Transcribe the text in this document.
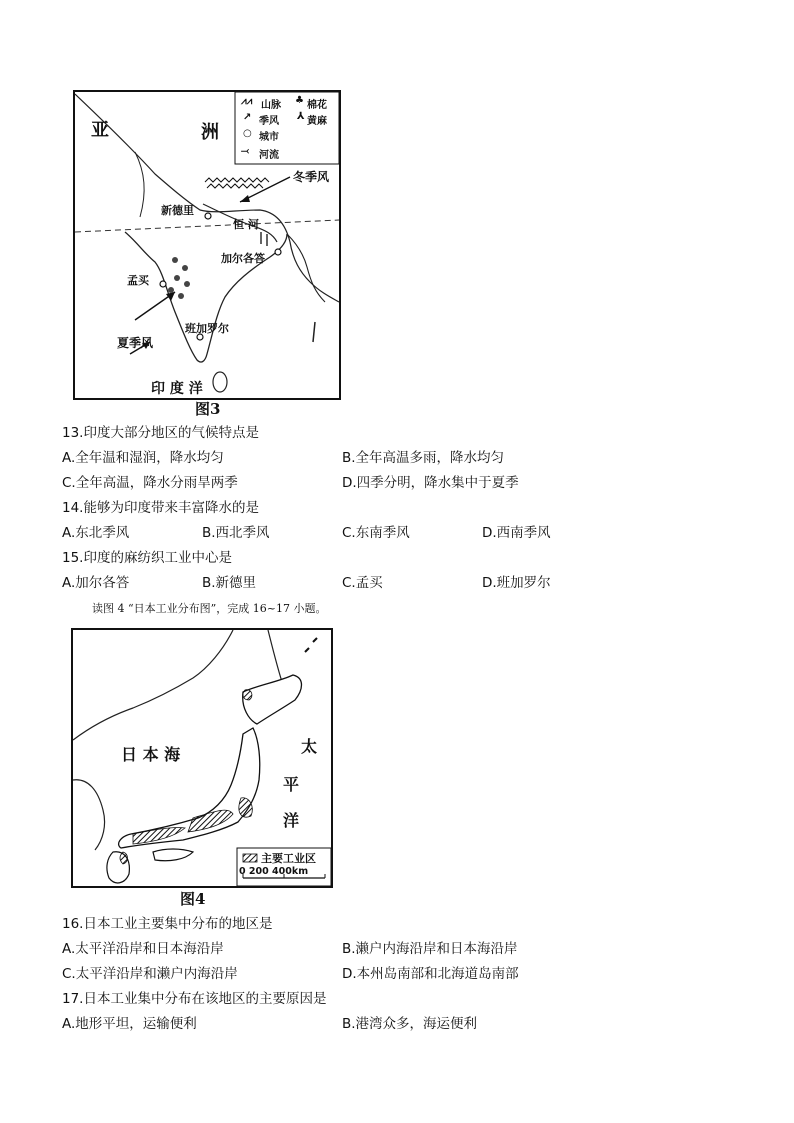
⩘⩘ 山脉 ♣ 棉花
↗ 季风 ⅄ 黄麻
○ 城市
⤙ 河流
亚	洲
冬季风
新德里
恒 河
加尔各答
孟买
夏季风
班加罗尔
印 度 洋
图3
13.印度大部分地区的气候特点是
A.全年温和湿润，降水均匀	B.全年高温多雨，降水均匀
C.全年高温，降水分雨旱两季	D.四季分明，降水集中于夏季
14.能够为印度带来丰富降水的是
A.东北季风	B.西北季风	C.东南季风	D.西南季风
15.印度的麻纺织工业中心是
A.加尔各答	B.新德里	C.孟买	D.班加罗尔
读图 4 “日本工业分布图”，完成 16~17 小题。
日 本 海	太
平
洋
主要工业区
0 200 400km
图4
16.日本工业主要集中分布的地区是
A.太平洋沿岸和日本海沿岸	B.濑户内海沿岸和日本海沿岸
C.太平洋沿岸和濑户内海沿岸	D.本州岛南部和北海道岛南部
17.日本工业集中分布在该地区的主要原因是
A.地形平坦，运输便利	B.港湾众多，海运便利
